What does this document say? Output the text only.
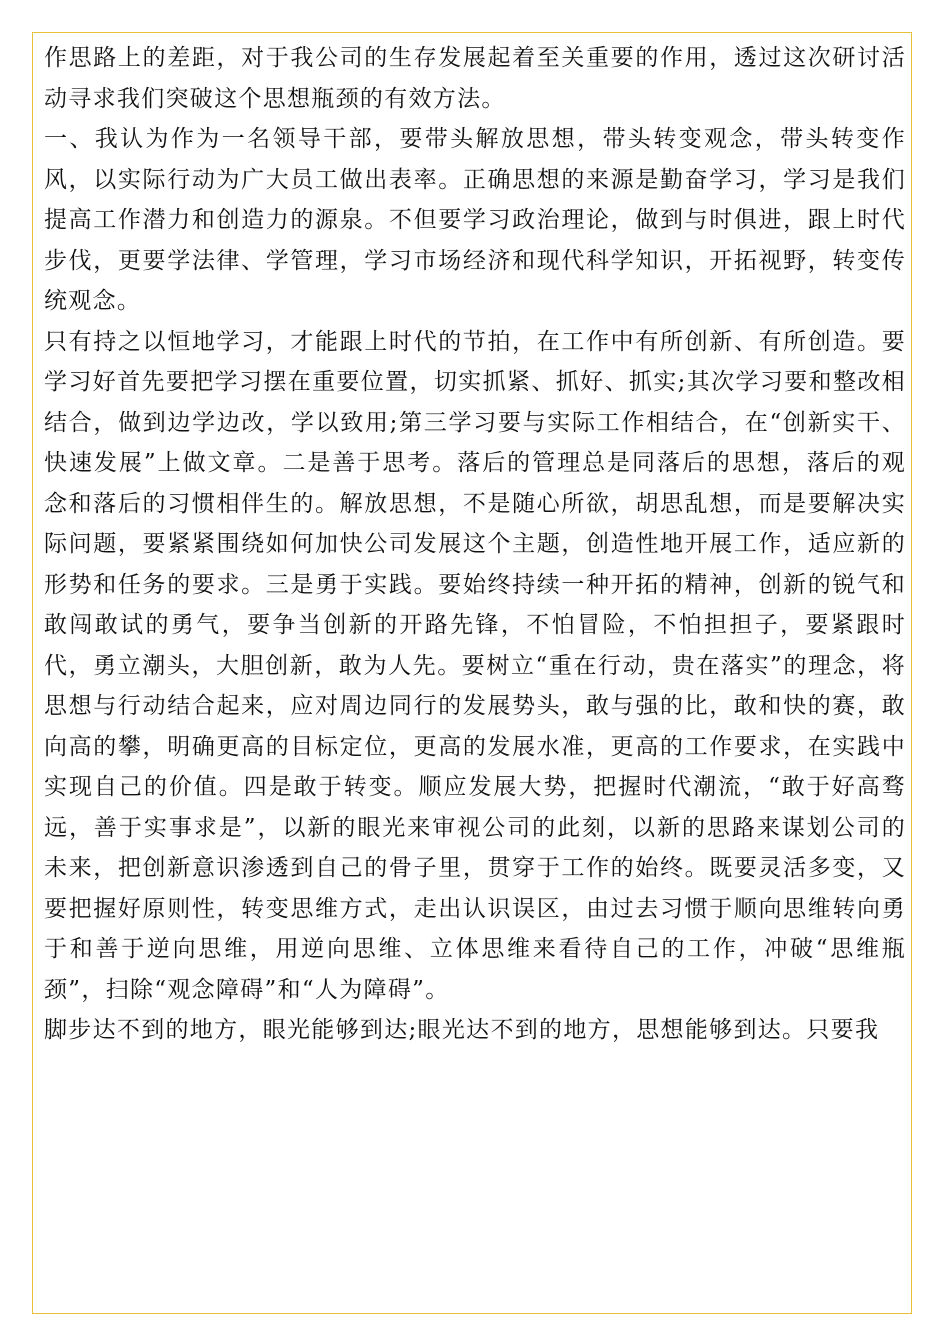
作思路上的差距，对于我公司的生存发展起着至关重要的作用，透过这次研讨活动寻求我们突破这个思想瓶颈的有效方法。

一、我认为作为一名领导干部，要带头解放思想，带头转变观念，带头转变作风，以实际行动为广大员工做出表率。正确思想的来源是勤奋学习，学习是我们提高工作潜力和创造力的源泉。不但要学习政治理论，做到与时俱进，跟上时代步伐，更要学法律、学管理，学习市场经济和现代科学知识，开拓视野，转变传统观念。

只有持之以恒地学习，才能跟上时代的节拍，在工作中有所创新、有所创造。要学习好首先要把学习摆在重要位置，切实抓紧、抓好、抓实;其次学习要和整改相结合，做到边学边改，学以致用;第三学习要与实际工作相结合，在“创新实干、快速发展”上做文章。二是善于思考。落后的管理总是同落后的思想，落后的观念和落后的习惯相伴生的。解放思想，不是随心所欲，胡思乱想，而是要解决实际问题，要紧紧围绕如何加快公司发展这个主题，创造性地开展工作，适应新的形势和任务的要求。三是勇于实践。要始终持续一种开拓的精神，创新的锐气和敢闯敢试的勇气，要争当创新的开路先锋，不怕冒险，不怕担担子，要紧跟时代，勇立潮头，大胆创新，敢为人先。要树立“重在行动，贵在落实”的理念，将思想与行动结合起来，应对周边同行的发展势头，敢与强的比，敢和快的赛，敢向高的攀，明确更高的目标定位，更高的发展水准，更高的工作要求，在实践中实现自己的价值。四是敢于转变。顺应发展大势，把握时代潮流，“敢于好高骛远，善于实事求是”，以新的眼光来审视公司的此刻，以新的思路来谋划公司的未来，把创新意识渗透到自己的骨子里，贯穿于工作的始终。既要灵活多变，又要把握好原则性，转变思维方式，走出认识误区，由过去习惯于顺向思维转向勇于和善于逆向思维，用逆向思维、立体思维来看待自己的工作，冲破“思维瓶颈”，扫除“观念障碍”和“人为障碍”。

脚步达不到的地方，眼光能够到达;眼光达不到的地方，思想能够到达。只要我
